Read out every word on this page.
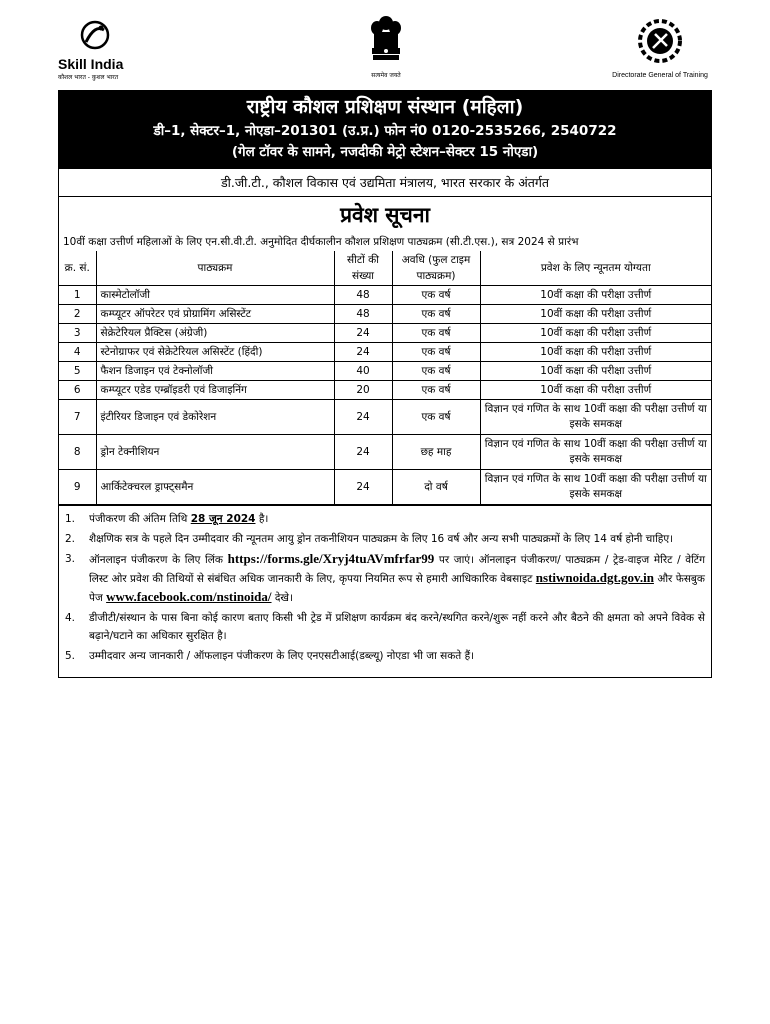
Skill India
कौशल भारत - कुशल भारत	सत्यमेव जयते	Directorate General of Training
राष्ट्रीय कौशल प्रशिक्षण संस्थान (महिला)
डी–1, सेक्टर–1, नोएडा–201301 (उ.प्र.) फोन नं0 0120-2535266, 2540722
(गेल टॉवर के सामने, नजदीकी मेट्रो स्टेशन–सेक्टर 15 नोएडा)
डी.जी.टी., कौशल विकास एवं उद्यमिता मंत्रालय, भारत सरकार के अंतर्गत
प्रवेश सूचना
10वीं कक्षा उत्तीर्ण महिलाओं के लिए एन.सी.वी.टी. अनुमोदित दीर्घकालीन कौशल प्रशिक्षण पाठ्यक्रम (सी.टी.एस.), सत्र 2024 से प्रारंभ
क्र. सं.	पाठ्यक्रम	सीटों की संख्या	अवधि (फुल टाइम पाठ्यक्रम)	प्रवेश के लिए न्यूनतम योग्यता
1	कास्मेटोलॉजी	48	एक वर्ष	10वीं कक्षा की परीक्षा उत्तीर्ण
2	कम्प्यूटर ऑपरेटर एवं प्रोग्रामिंग असिस्टेंट	48	एक वर्ष	10वीं कक्षा की परीक्षा उत्तीर्ण
3	सेक्रेटेरियल प्रैक्टिस (अंग्रेजी)	24	एक वर्ष	10वीं कक्षा की परीक्षा उत्तीर्ण
4	स्टेनोग्राफर एवं सेक्रेटेरियल असिस्टेंट (हिंदी)	24	एक वर्ष	10वीं कक्षा की परीक्षा उत्तीर्ण
5	फैशन डिजाइन एवं टेक्नोलॉजी	40	एक वर्ष	10वीं कक्षा की परीक्षा उत्तीर्ण
6	कम्प्यूटर एडेड एम्ब्रॉइडरी एवं डिजाइनिंग	20	एक वर्ष	10वीं कक्षा की परीक्षा उत्तीर्ण
7	इंटीरियर डिजाइन एवं डेकोरेशन	24	एक वर्ष	विज्ञान एवं गणित के साथ 10वीं कक्षा की परीक्षा उत्तीर्ण या इसके समकक्ष
8	ड्रोन टेक्नीशियन	24	छह माह	विज्ञान एवं गणित के साथ 10वीं कक्षा की परीक्षा उत्तीर्ण या इसके समकक्ष
9	आर्किटेक्चरल ड्राफ्ट्समैन	24	दो वर्ष	विज्ञान एवं गणित के साथ 10वीं कक्षा की परीक्षा उत्तीर्ण या इसके समकक्ष
1.	पंजीकरण की अंतिम तिथि 28 जून 2024 है।
2.	शैक्षणिक सत्र के पहले दिन उम्मीदवार की न्यूनतम आयु ड्रोन तकनीशियन पाठ्यक्रम के लिए 16 वर्ष और अन्य सभी पाठ्यक्रमों के लिए 14 वर्ष होनी चाहिए।
3.	ऑनलाइन पंजीकरण के लिए लिंक https://forms.gle/Xryj4tuAVmfrfar99 पर जाएं। ऑनलाइन पंजीकरण/ पाठ्यक्रम / ट्रेड-वाइज मेरिट / वेटिंग लिस्ट ओर प्रवेश की तिथियों से संबंधित अधिक जानकारी के लिए, कृपया नियमित रूप से हमारी आधिकारिक वेबसाइट nstiwnoida.dgt.gov.in और फेसबुक पेज www.facebook.com/nstinoida/ देखे।
4.	डीजीटी/संस्थान के पास बिना कोई कारण बताए किसी भी ट्रेड में प्रशिक्षण कार्यक्रम बंद करने/स्थगित करने/शुरू नहीं करने और बैठने की क्षमता को अपने विवेक से बढ़ाने/घटाने का अधिकार सुरक्षित है।
5.	उम्मीदवार अन्य जानकारी / ऑफलाइन पंजीकरण के लिए एनएसटीआई(डब्ल्यू) नोएडा भी जा सकते हैं।
